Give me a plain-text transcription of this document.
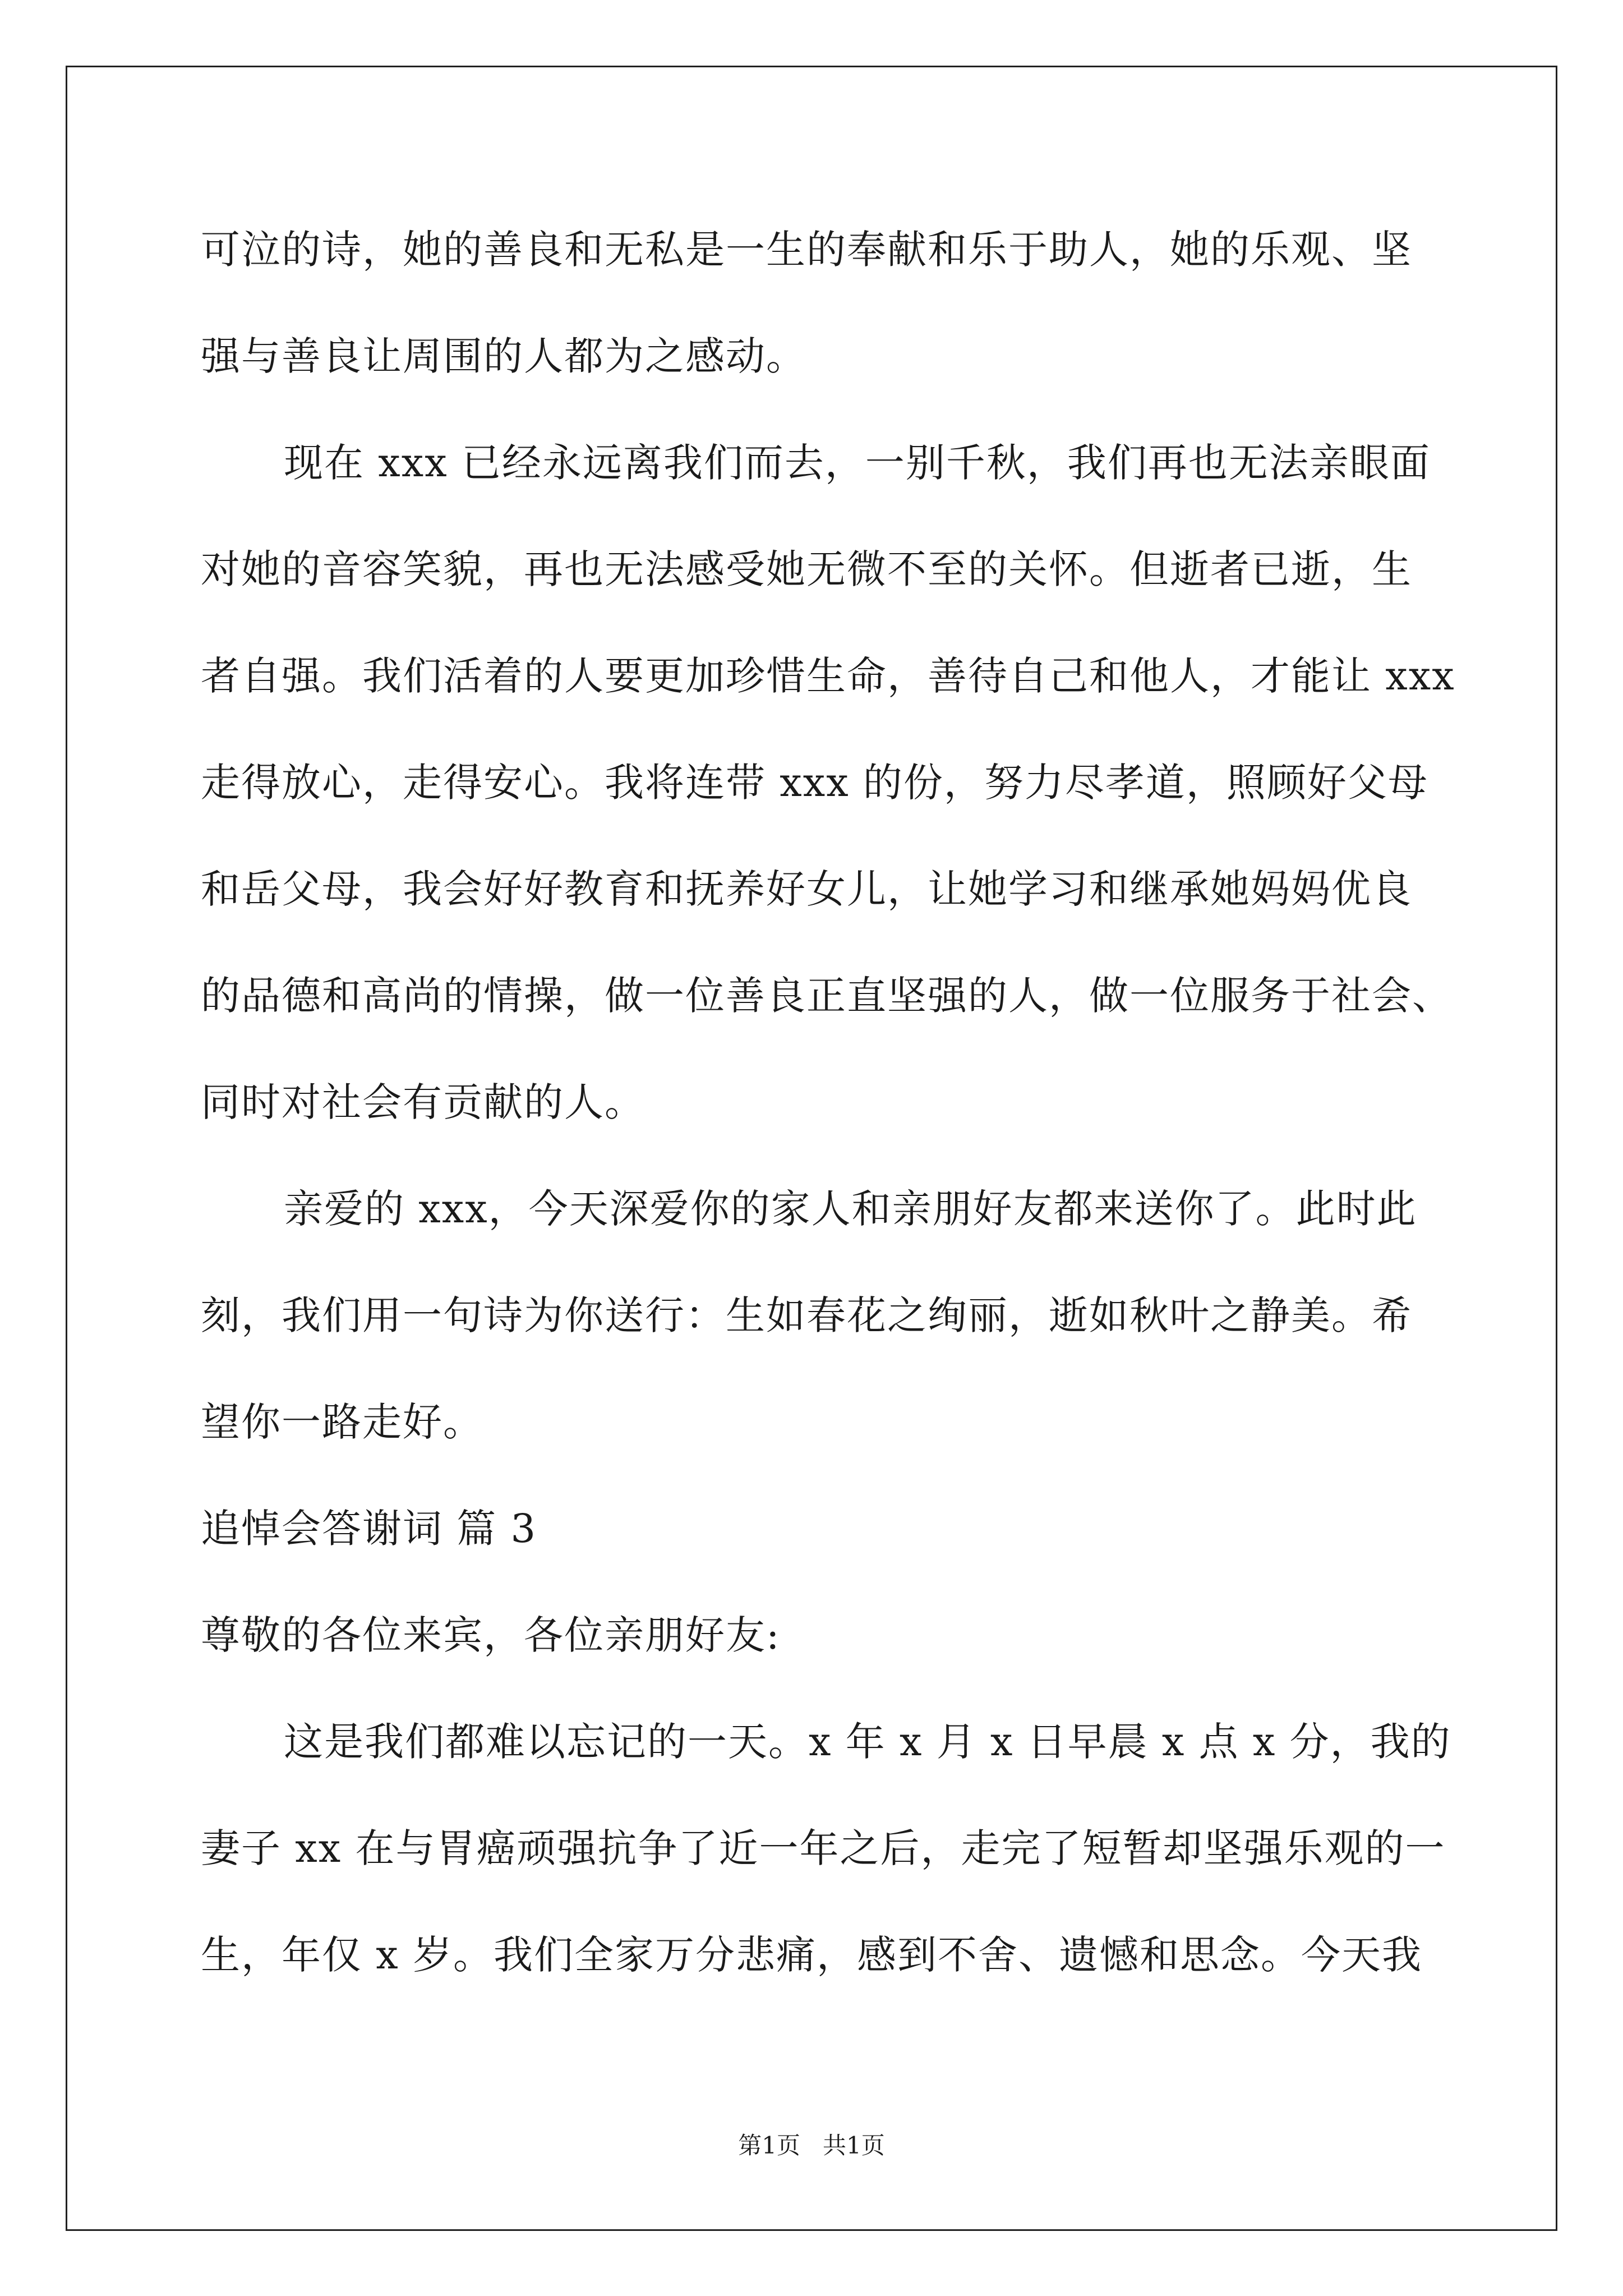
可泣的诗，她的善良和无私是一生的奉献和乐于助人，她的乐观、坚
强与善良让周围的人都为之感动。
现在 xxx 已经永远离我们而去，一别千秋，我们再也无法亲眼面
对她的音容笑貌，再也无法感受她无微不至的关怀。但逝者已逝，生
者自强。我们活着的人要更加珍惜生命，善待自己和他人，才能让 xxx
走得放心，走得安心。我将连带 xxx 的份，努力尽孝道，照顾好父母
和岳父母，我会好好教育和抚养好女儿，让她学习和继承她妈妈优良
的品德和高尚的情操，做一位善良正直坚强的人，做一位服务于社会、
同时对社会有贡献的人。
亲爱的 xxx，今天深爱你的家人和亲朋好友都来送你了。此时此
刻，我们用一句诗为你送行：生如春花之绚丽，逝如秋叶之静美。希
望你一路走好。
追悼会答谢词 篇 3
尊敬的各位来宾，各位亲朋好友:
这是我们都难以忘记的一天。x 年 x 月 x 日早晨 x 点 x 分，我的
妻子 xx 在与胃癌顽强抗争了近一年之后，走完了短暂却坚强乐观的一
生，年仅 x 岁。我们全家万分悲痛，感到不舍、遗憾和思念。今天我
第1页   共1页
